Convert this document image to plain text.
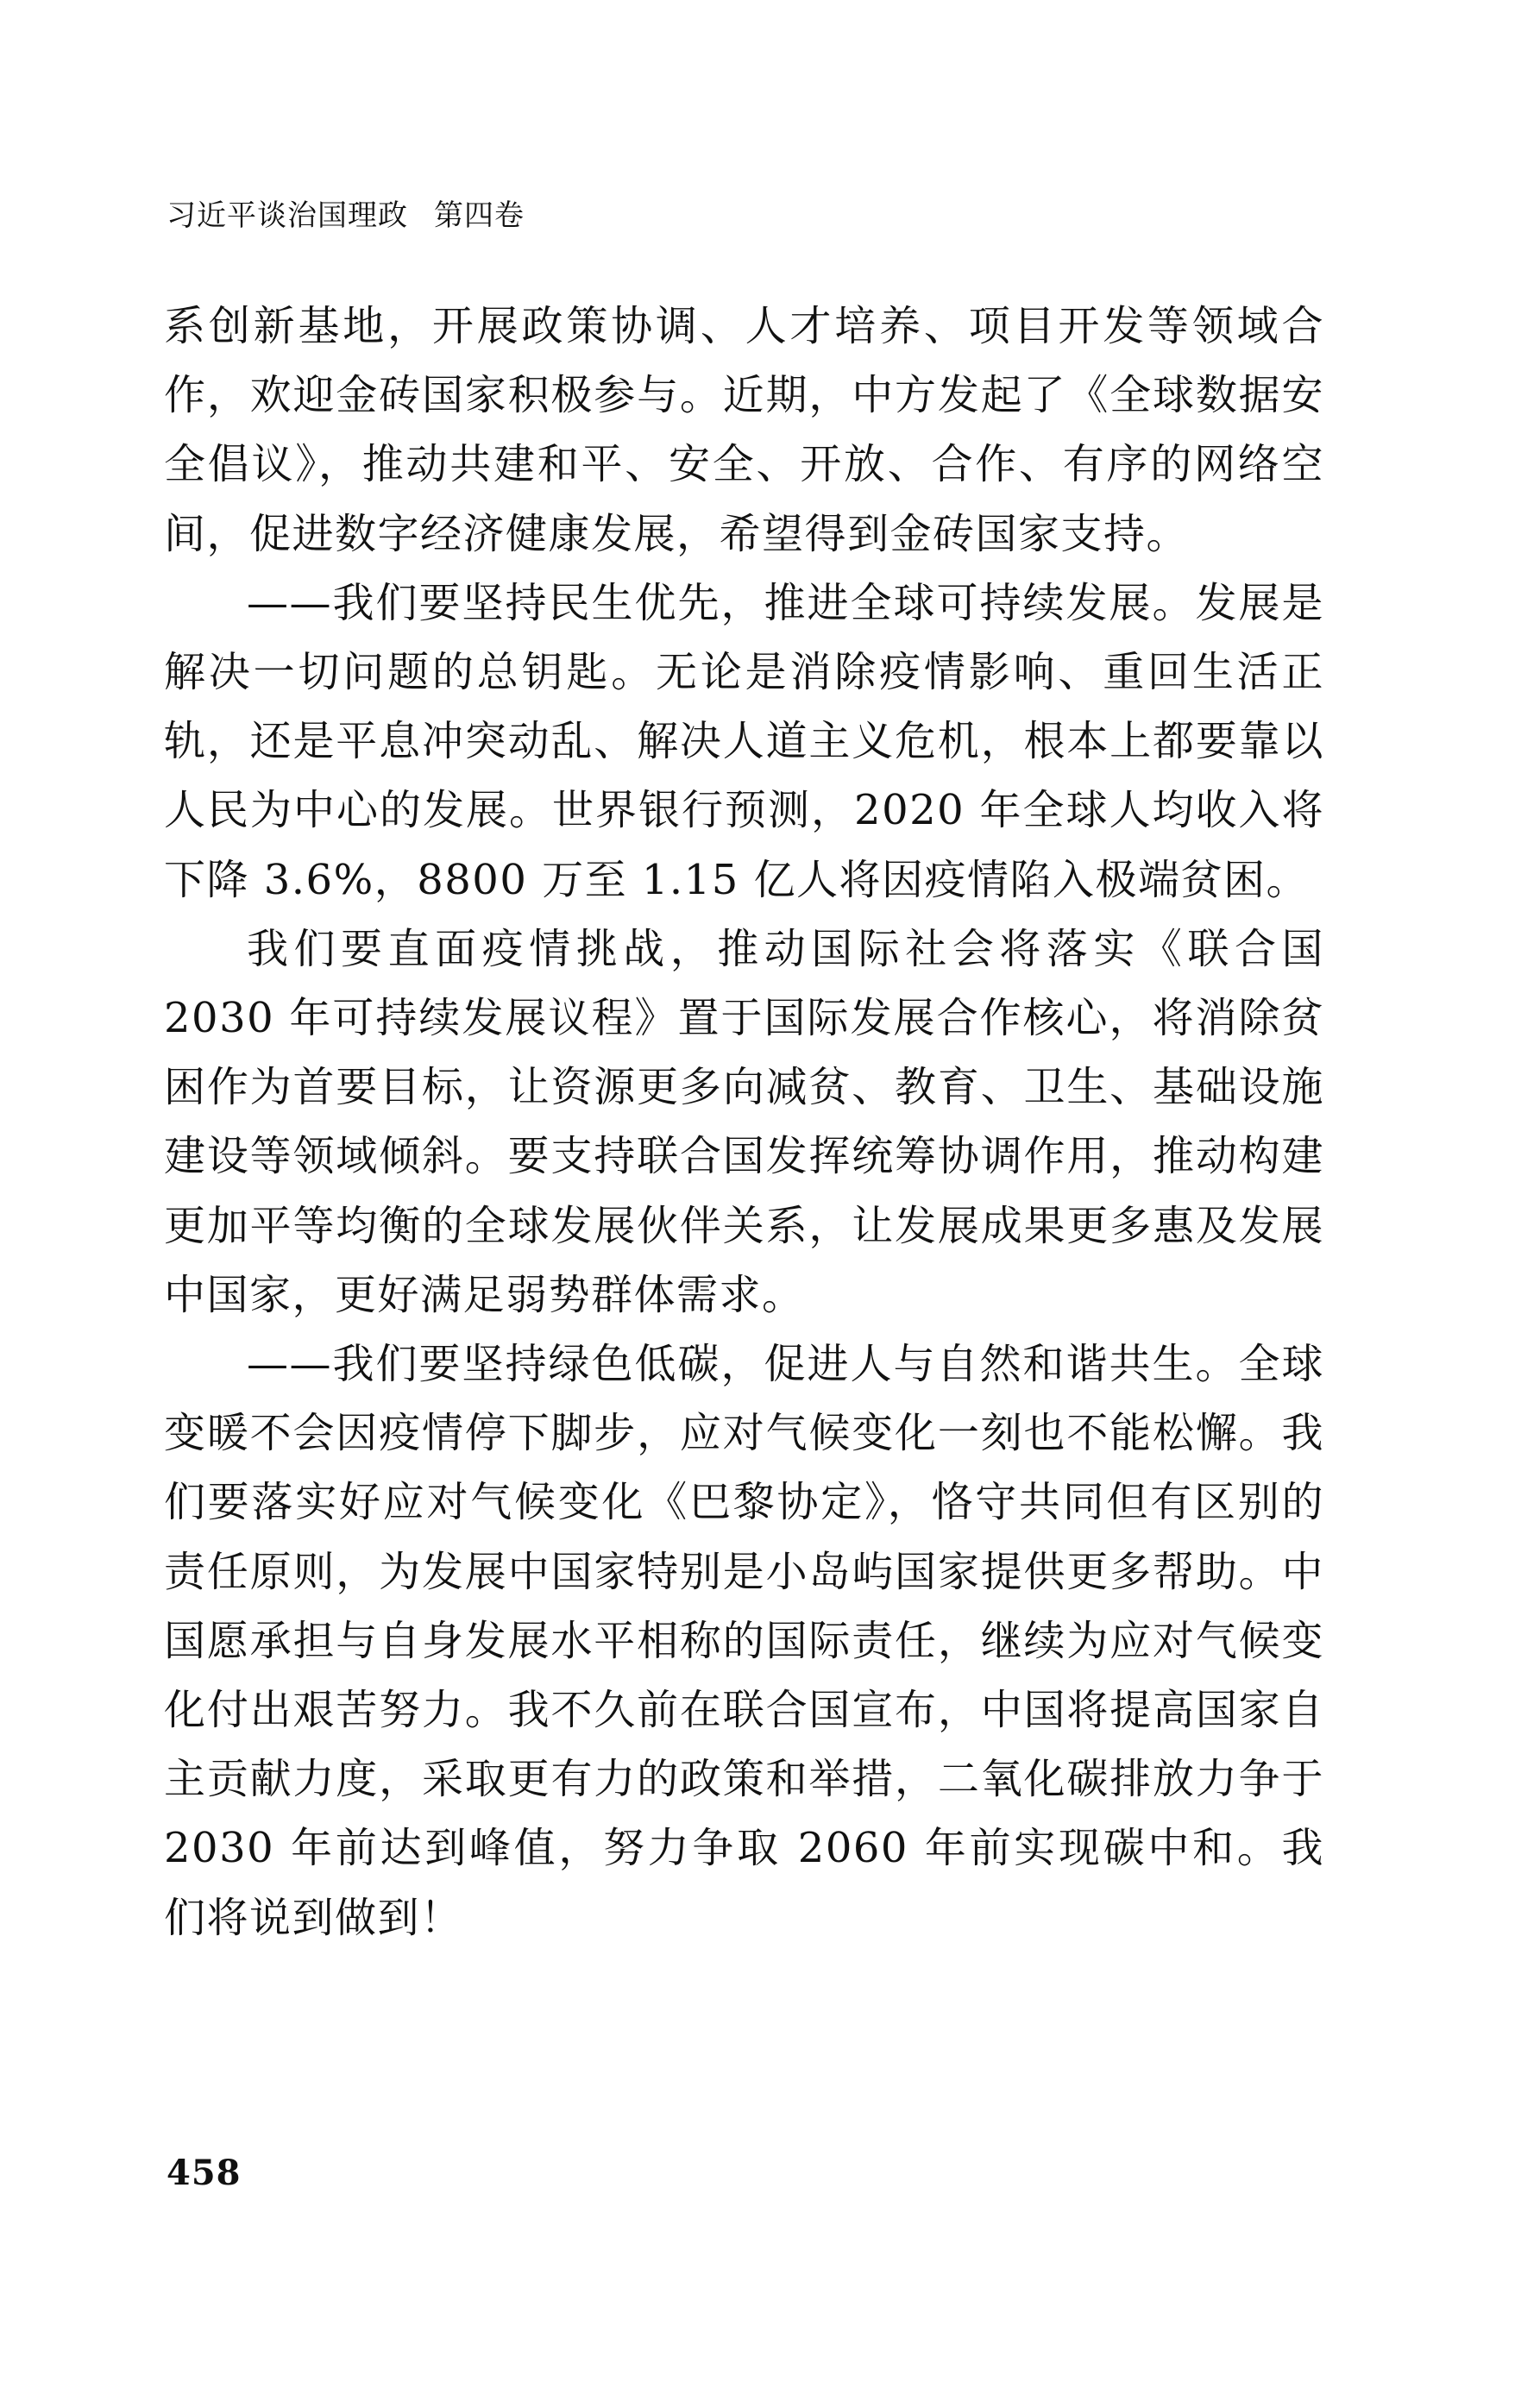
习近平谈治国理政 第四卷

系创新基地，开展政策协调、人才培养、项目开发等领域合作，欢迎金砖国家积极参与。近期，中方发起了《全球数据安全倡议》，推动共建和平、安全、开放、合作、有序的网络空间，促进数字经济健康发展，希望得到金砖国家支持。

——我们要坚持民生优先，推进全球可持续发展。发展是解决一切问题的总钥匙。无论是消除疫情影响、重回生活正轨，还是平息冲突动乱、解决人道主义危机，根本上都要靠以人民为中心的发展。世界银行预测，2020 年全球人均收入将下降 3.6%，8800 万至 1.15 亿人将因疫情陷入极端贫困。

我们要直面疫情挑战，推动国际社会将落实《联合国2030 年可持续发展议程》置于国际发展合作核心，将消除贫困作为首要目标，让资源更多向减贫、教育、卫生、基础设施建设等领域倾斜。要支持联合国发挥统筹协调作用，推动构建更加平等均衡的全球发展伙伴关系，让发展成果更多惠及发展中国家，更好满足弱势群体需求。

——我们要坚持绿色低碳，促进人与自然和谐共生。全球变暖不会因疫情停下脚步，应对气候变化一刻也不能松懈。我们要落实好应对气候变化《巴黎协定》，恪守共同但有区别的责任原则，为发展中国家特别是小岛屿国家提供更多帮助。中国愿承担与自身发展水平相称的国际责任，继续为应对气候变化付出艰苦努力。我不久前在联合国宣布，中国将提高国家自主贡献力度，采取更有力的政策和举措，二氧化碳排放力争于 2030 年前达到峰值，努力争取 2060 年前实现碳中和。我们将说到做到！

458
